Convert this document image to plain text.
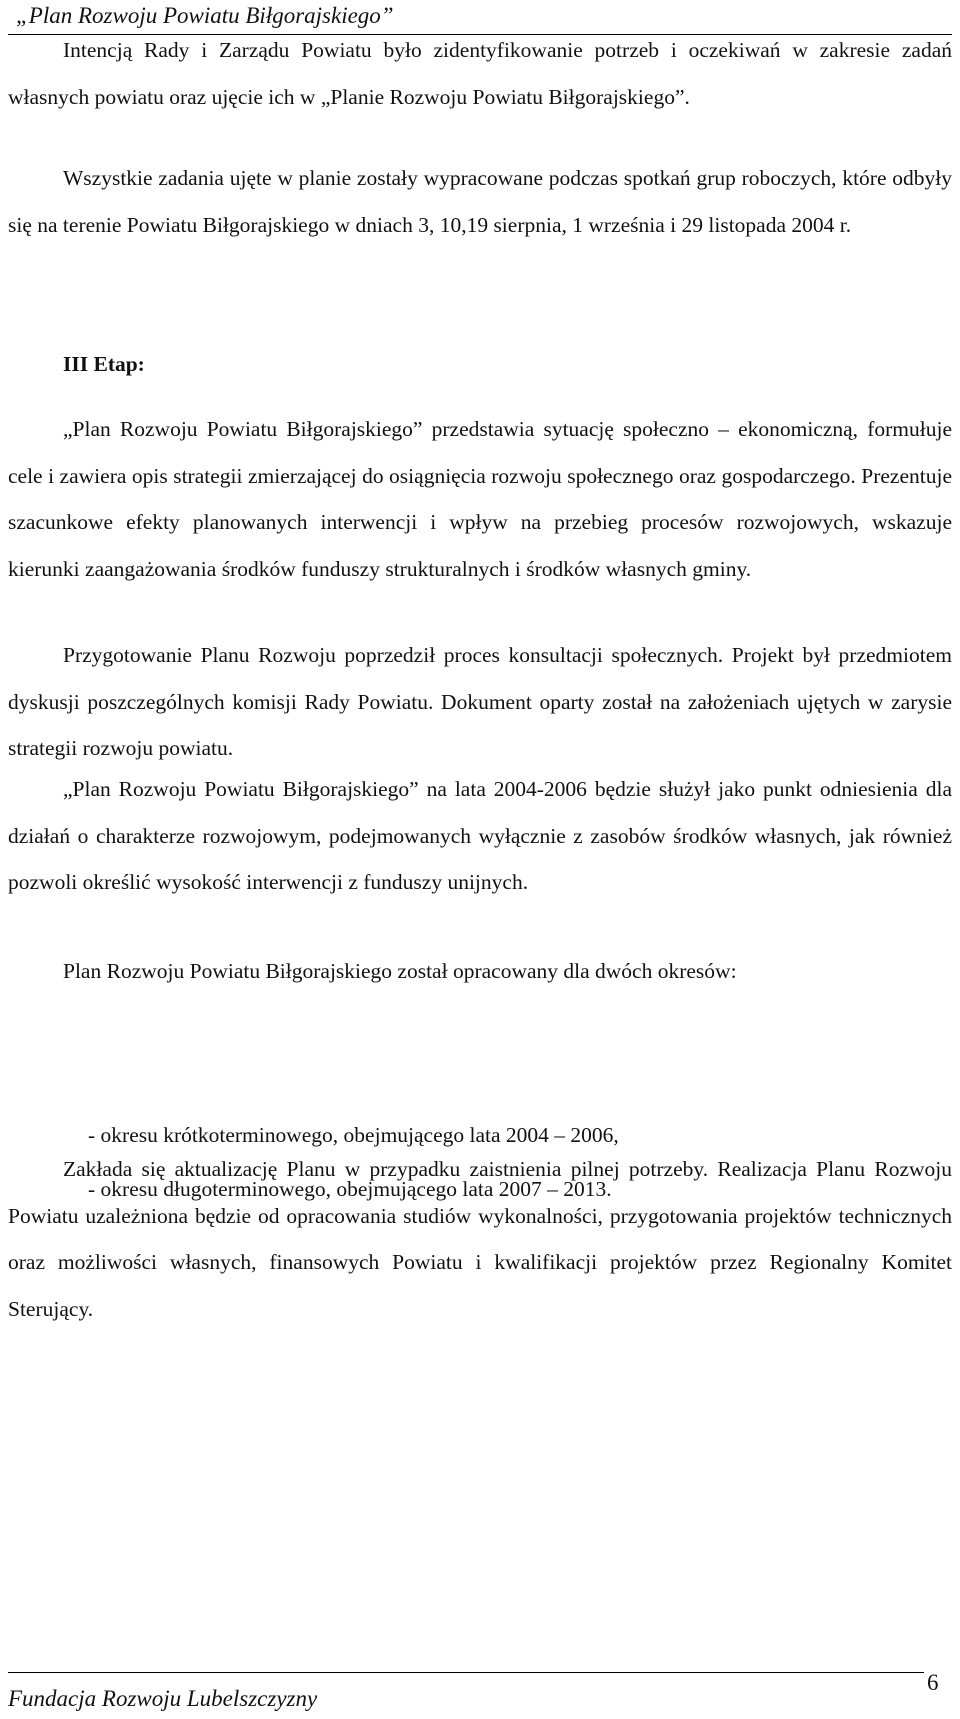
„Plan Rozwoju Powiatu Biłgorajskiego”

Intencją Rady i Zarządu Powiatu było zidentyfikowanie potrzeb i oczekiwań w zakresie zadań własnych powiatu oraz ujęcie ich w „Planie Rozwoju Powiatu Biłgorajskiego”.

Wszystkie zadania ujęte w planie zostały wypracowane podczas spotkań grup roboczych, które odbyły się na terenie Powiatu Biłgorajskiego w dniach 3, 10,19 sierpnia, 1 września i 29 listopada 2004 r.

III Etap:

„Plan Rozwoju Powiatu Biłgorajskiego” przedstawia sytuację społeczno – ekonomiczną, formułuje cele i zawiera opis strategii zmierzającej do osiągnięcia rozwoju społecznego oraz gospodarczego. Prezentuje szacunkowe efekty planowanych interwencji i wpływ na przebieg procesów rozwojowych, wskazuje kierunki zaangażowania środków funduszy strukturalnych i środków własnych gminy.

Przygotowanie Planu Rozwoju poprzedził proces konsultacji społecznych. Projekt był przedmiotem dyskusji poszczególnych komisji Rady Powiatu. Dokument oparty został na założeniach ujętych w zarysie strategii rozwoju powiatu.

„Plan Rozwoju Powiatu Biłgorajskiego” na lata 2004-2006 będzie służył jako punkt odniesienia dla działań o charakterze rozwojowym, podejmowanych wyłącznie z zasobów środków własnych, jak również pozwoli określić wysokość interwencji z funduszy unijnych.

Plan Rozwoju Powiatu Biłgorajskiego został opracowany dla dwóch okresów:

- okresu krótkoterminowego, obejmującego lata 2004 – 2006,
- okresu długoterminowego, obejmującego lata 2007 – 2013.

Zakłada się aktualizację Planu w przypadku zaistnienia pilnej potrzeby. Realizacja Planu Rozwoju Powiatu uzależniona będzie od opracowania studiów wykonalności, przygotowania projektów technicznych oraz możliwości własnych, finansowych Powiatu i kwalifikacji projektów przez Regionalny Komitet Sterujący.

Fundacja Rozwoju Lubelszczyzny
6
